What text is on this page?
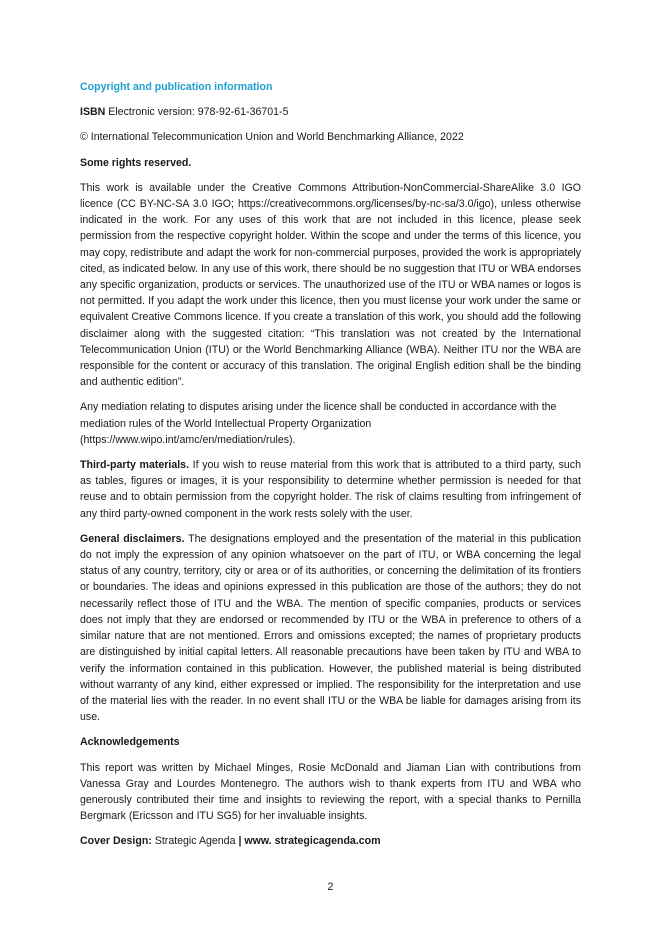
Copyright and publication information

ISBN Electronic version: 978-92-61-36701-5

© International Telecommunication Union and World Benchmarking Alliance, 2022

Some rights reserved.

This work is available under the Creative Commons Attribution-NonCommercial-ShareAlike 3.0 IGO licence (CC BY-NC-SA 3.0 IGO; https://creativecommons.org/licenses/by-nc-sa/3.0/igo), unless otherwise indicated in the work. For any uses of this work that are not included in this licence, please seek permission from the respective copyright holder. Within the scope and under the terms of this licence, you may copy, redistribute and adapt the work for non-commercial purposes, provided the work is appropriately cited, as indicated below. In any use of this work, there should be no suggestion that ITU or WBA endorses any specific organization, products or services. The unauthorized use of the ITU or WBA names or logos is not permitted. If you adapt the work under this licence, then you must license your work under the same or equivalent Creative Commons licence. If you create a translation of this work, you should add the following disclaimer along with the suggested citation: “This translation was not created by the International Telecommunication Union (ITU) or the World Benchmarking Alliance (WBA). Neither ITU nor the WBA are responsible for the content or accuracy of this translation. The original English edition shall be the binding and authentic edition”.

Any mediation relating to disputes arising under the licence shall be conducted in accordance with the mediation rules of the World Intellectual Property Organization (https://www.wipo.int/amc/en/mediation/rules).

Third-party materials. If you wish to reuse material from this work that is attributed to a third party, such as tables, figures or images, it is your responsibility to determine whether permission is needed for that reuse and to obtain permission from the copyright holder. The risk of claims resulting from infringement of any third party-owned component in the work rests solely with the user.

General disclaimers. The designations employed and the presentation of the material in this publication do not imply the expression of any opinion whatsoever on the part of ITU, or WBA concerning the legal status of any country, territory, city or area or of its authorities, or concerning the delimitation of its frontiers or boundaries. The ideas and opinions expressed in this publication are those of the authors; they do not necessarily reflect those of ITU and the WBA. The mention of specific companies, products or services does not imply that they are endorsed or recommended by ITU or the WBA in preference to others of a similar nature that are not mentioned. Errors and omissions excepted; the names of proprietary products are distinguished by initial capital letters. All reasonable precautions have been taken by ITU and WBA to verify the information contained in this publication. However, the published material is being distributed without warranty of any kind, either expressed or implied. The responsibility for the interpretation and use of the material lies with the reader. In no event shall ITU or the WBA be liable for damages arising from its use.

Acknowledgements

This report was written by Michael Minges, Rosie McDonald and Jiaman Lian with contributions from Vanessa Gray and Lourdes Montenegro. The authors wish to thank experts from ITU and WBA who generously contributed their time and insights to reviewing the report, with a special thanks to Pernilla Bergmark (Ericsson and ITU SG5) for her invaluable insights.

Cover Design: Strategic Agenda | www. strategicagenda.com

2
